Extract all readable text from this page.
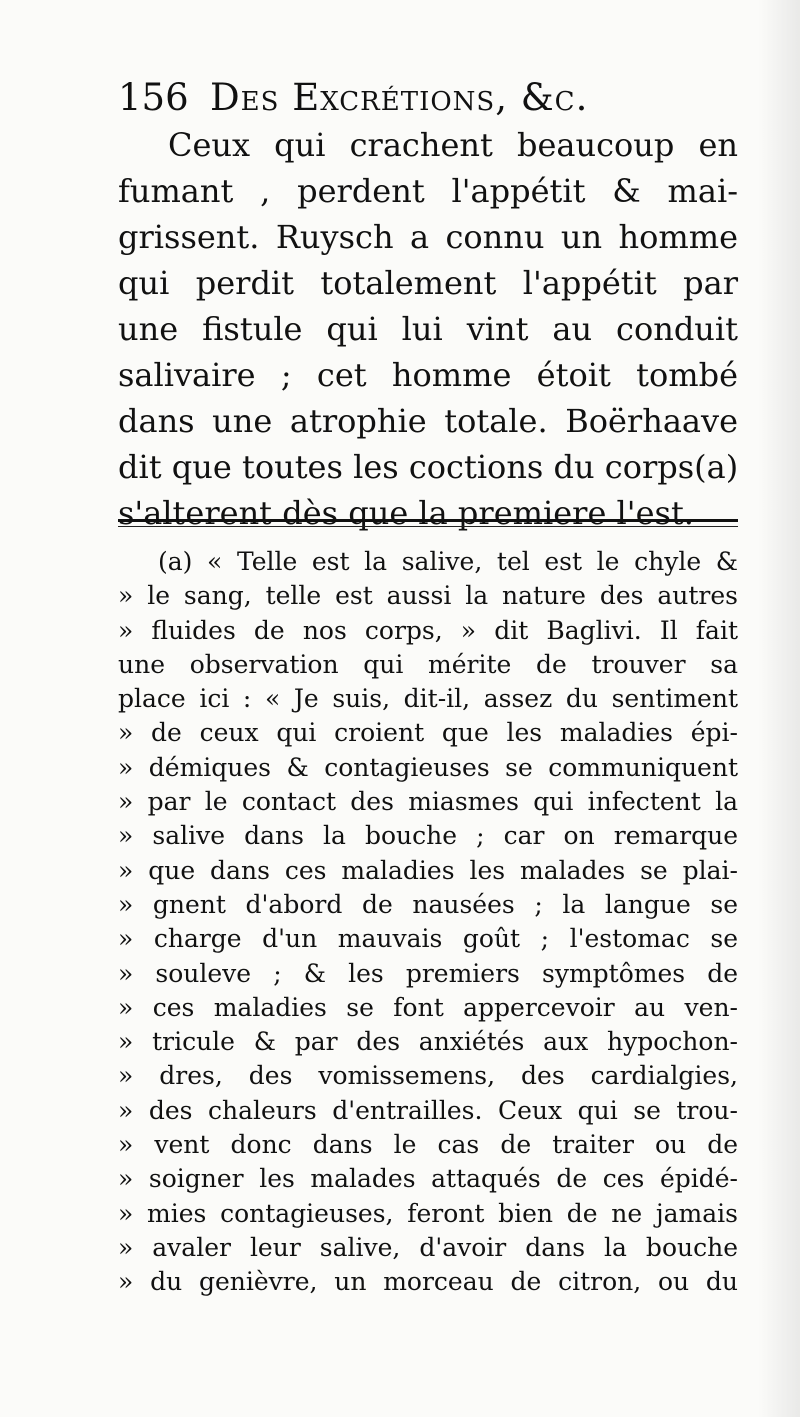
156 Des Excrétions, &c.
Ceux qui crachent beaucoup en
fumant , perdent l'appétit & mai-
grissent. Ruysch a connu un homme
qui perdit totalement l'appétit par
une fistule qui lui vint au conduit
salivaire ; cet homme étoit tombé
dans une atrophie totale. Boërhaave
dit que toutes les coctions du corps(a)
s'alterent dès que la premiere l'est.
(a) « Telle est la salive, tel est le chyle &
» le sang, telle est aussi la nature des autres
» fluides de nos corps, » dit Baglivi. Il fait
une observation qui mérite de trouver sa
place ici : « Je suis, dit-il, assez du sentiment
» de ceux qui croient que les maladies épi-
» démiques & contagieuses se communiquent
» par le contact des miasmes qui infectent la
» salive dans la bouche ; car on remarque
» que dans ces maladies les malades se plai-
» gnent d'abord de nausées ; la langue se
» charge d'un mauvais goût ; l'estomac se
» souleve ; & les premiers symptômes de
» ces maladies se font appercevoir au ven-
» tricule & par des anxiétés aux hypochon-
» dres, des vomissemens, des cardialgies,
» des chaleurs d'entrailles. Ceux qui se trou-
» vent donc dans le cas de traiter ou de
» soigner les malades attaqués de ces épidé-
» mies contagieuses, feront bien de ne jamais
» avaler leur salive, d'avoir dans la bouche
» du genièvre, un morceau de citron, ou du
